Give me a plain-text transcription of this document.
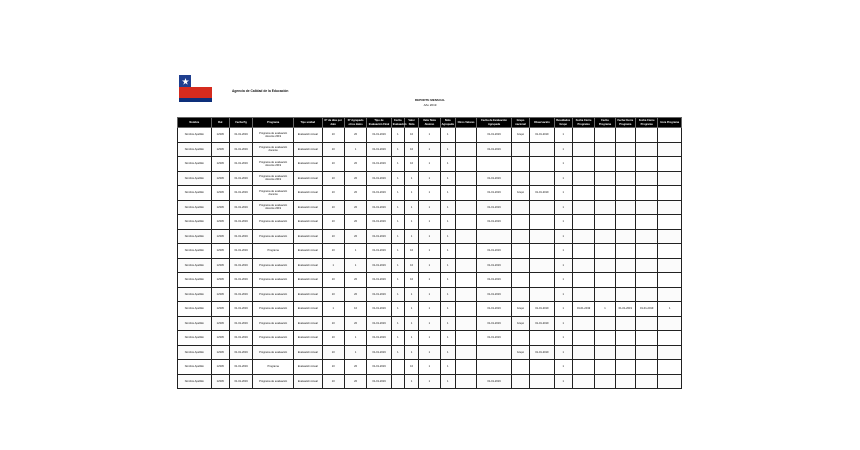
Gobierno de Chile
Agencia de Calidad de la Educación
REPORTE MENSUAL
Año 2019
Nombre	Rut	Fecha Pg	Programa	Tipo unidad	N° de días por dato	N° Agrupado otros datos	Tipo de Evaluación Final	Fecha Evaluación	Valor Nota	Valor Nota Alumno	Nota Agrupada	Otros Valores	Fecha de Evaluación Agrupada	Grupo nacional	Observación	Resultados Grupo	Fecha Cierre Programa	Fecha Programa	Fecha Cierre Programa	Fecha Cierre Programa	Hora Programa
Nombre Apellido	12345	01-01-2019	Programa de evaluación docente 2019	Evaluación Anual	10	20	01-01-2019	1	10	1	1		01-01-2019	Grupo	01-01-2019	1					
Nombre Apellido	12345	01-01-2019	Programa de evaluación docente	Evaluación Anual	10	1	01-01-2019	1	10	1	1		01-01-2019			1					
Nombre Apellido	12345	01-01-2019	Programa de evaluación docente 2019	Evaluación Anual	10	20	01-01-2019	1	10	1	1					1					
Nombre Apellido	12345	01-01-2019	Programa de evaluación docente 2019	Evaluación Anual	10	20	01-01-2019	1	1	1	1		01-01-2019			1					
Nombre Apellido	12345	01-01-2019	Programa de evaluación docente	Evaluación Anual	10	20	01-01-2019	1	1	1	1		01-01-2019	Grupo	01-01-2019	1					
Nombre Apellido	12345	01-01-2019	Programa de evaluación docente 2019	Evaluación Anual	10	20	01-01-2019	1	1	1	1		01-01-2019			1					
Nombre Apellido	12345	01-01-2019	Programa de evaluación	Evaluación Anual	10	20	01-01-2019	1	1	1	1		01-01-2019			1					
Nombre Apellido	12345	01-01-2019	Programa de evaluación	Evaluación Anual	10	20	01-01-2019	1	1	1	1					1					
Nombre Apellido	12345	01-01-2019	Programa	Evaluación Anual	10	1	01-01-2019	1	10	1	1		01-01-2019			1					
Nombre Apellido	12345	01-01-2019	Programa de evaluación	Evaluación Anual	1	1	01-01-2019	1	10	1	1		01-01-2019			1					
Nombre Apellido	12345	01-01-2019	Programa de evaluación	Evaluación Anual	10	20	01-01-2019	1	10	1	1		01-01-2019			1					
Nombre Apellido	12345	01-01-2019	Programa de evaluación	Evaluación Anual	10	20	01-01-2019	1	1	1	1		01-01-2019			1					
Nombre Apellido	12345	01-01-2019	Programa de evaluación	Evaluación Anual	1	10	01-01-2019	1	1	1	1		01-01-2019	Grupo	01-01-2019	1	01-01-2019	1	01-01-2019	01-01-2019	1
Nombre Apellido	12345	01-01-2019	Programa de evaluación	Evaluación Anual	10	20	01-01-2019	1	1	1	1		01-01-2019	Grupo	01-01-2019	1					
Nombre Apellido	12345	01-01-2019	Programa de evaluación	Evaluación Anual	10	1	01-01-2019	1	1	1	1		01-01-2019			1					
Nombre Apellido	12345	01-01-2019	Programa de evaluación	Evaluación Anual	10	1	01-01-2019	1	1	1	1			Grupo	01-01-2019	1					
Nombre Apellido	12345	01-01-2019	Programa	Evaluación Anual	10	20	01-01-2019		10	1	1					1					
Nombre Apellido	12345	01-01-2019	Programa de evaluación	Evaluación Anual	10	20	01-01-2019		1	1	1		01-01-2019			1					
